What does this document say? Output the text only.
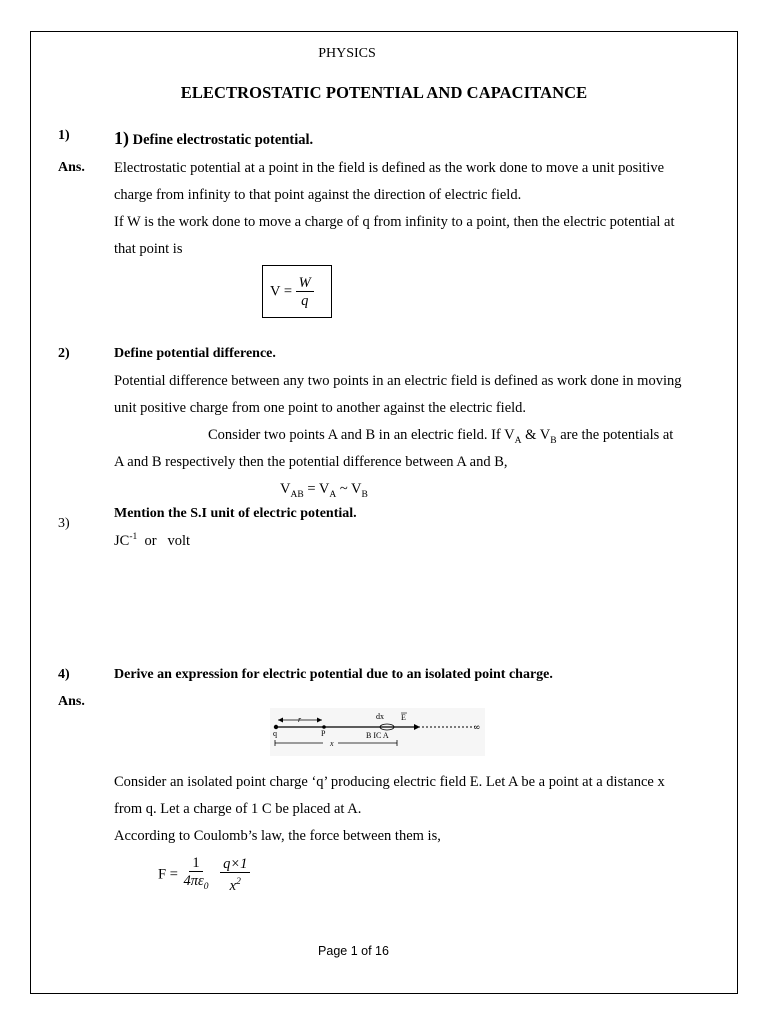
PHYSICS
ELECTROSTATIC POTENTIAL AND CAPACITANCE
1) 1) Define electrostatic potential.
Ans. Electrostatic potential at a point in the field is defined as the work done to move a unit positive
charge from infinity to that point against the direction of electric field.
If W is the work done to move a charge of q from infinity to a point, then the electric potential at
that point is
$V = \frac{W}{q}$
2)	Define potential difference.
Potential difference between any two points in an electric field is defined as work done in moving
unit positive charge from one point to another against the electric field.
Consider two points A and B in an electric field. If $V_A$ & $V_B$ are the potentials at
A and B respectively then the potential difference between A and B,
$V_{AB} = V_A$ ~ $V_B$
3)
Mention the S.I unit of electric potential.
$JC^{-1}$  or   volt
4)	Derive an expression for electric potential due to an isolated point charge.
Ans.
r	dx E
∞
q	P	B IC A
x
Consider an isolated point charge ‘q’ producing electric field E. Let A be a point at a distance x
from q. Let a charge of 1 C be placed at A.
According to Coulomb’s law, the force between them is,
$F = \frac{1}{4\pi\varepsilon_0}$
$\frac{q\times 1}{x^2}$
Page 1 of 16
